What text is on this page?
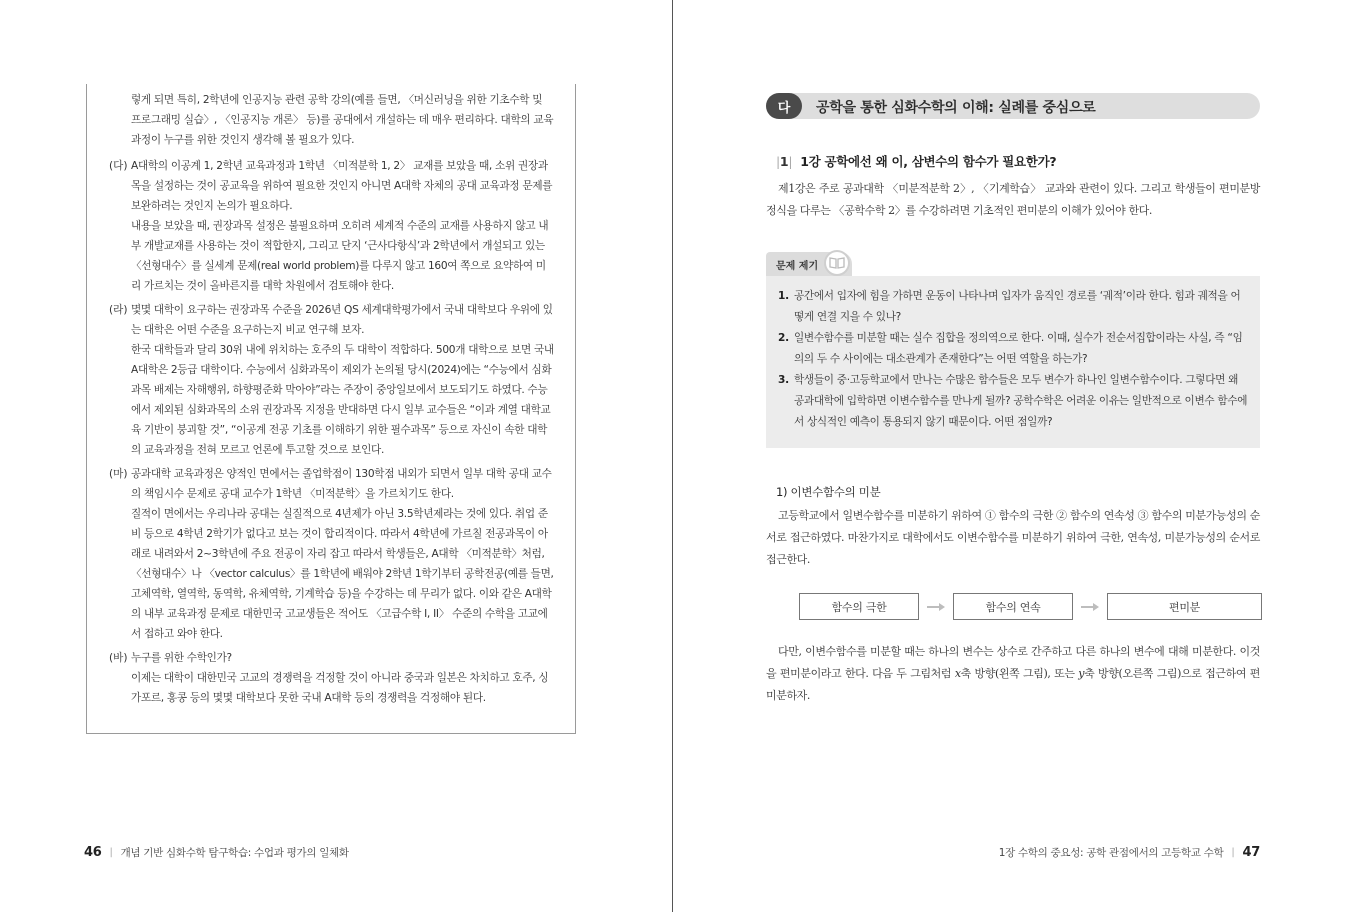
렇게 되면 특히, 2학년에 인공지능 관련 공학 강의(예를 들면, 〈머신러닝을 위한 기초수학 및 프로그래밍 실습〉, 〈인공지능 개론〉 등)를 공대에서 개설하는 데 매우 편리하다. 대학의 교육과정이 누구를 위한 것인지 생각해 볼 필요가 있다.

(다) A대학의 이공계 1, 2학년 교육과정과 1학년 〈미적분학 1, 2〉 교재를 보았을 때, 소위 권장과목을 설정하는 것이 공교육을 위하여 필요한 것인지 아니면 A대학 자체의 공대 교육과정 문제를 보완하려는 것인지 논의가 필요하다.

내용을 보았을 때, 권장과목 설정은 불필요하며 오히려 세계적 수준의 교재를 사용하지 않고 내부 개발교재를 사용하는 것이 적합한지, 그리고 단지 ‘근사다항식’과 2학년에서 개설되고 있는 〈선형대수〉를 실세계 문제(real world problem)를 다루지 않고 160여 쪽으로 요약하여 미리 가르치는 것이 올바른지를 대학 차원에서 검토해야 한다.

(라) 몇몇 대학이 요구하는 권장과목 수준을 2026년 QS 세계대학평가에서 국내 대학보다 우위에 있는 대학은 어떤 수준을 요구하는지 비교 연구해 보자.

한국 대학들과 달리 30위 내에 위치하는 호주의 두 대학이 적합하다. 500개 대학으로 보면 국내 A대학은 2등급 대학이다. 수능에서 심화과목이 제외가 논의될 당시(2024)에는 “수능에서 심화과목 배제는 자해행위, 하향평준화 막아야”라는 주장이 중앙일보에서 보도되기도 하였다. 수능에서 제외된 심화과목의 소위 권장과목 지정을 반대하면 다시 일부 교수들은 “이과 계열 대학교육 기반이 붕괴할 것”, “이공계 전공 기초를 이해하기 위한 필수과목” 등으로 자신이 속한 대학의 교육과정을 전혀 모르고 언론에 투고할 것으로 보인다.

(마) 공과대학 교육과정은 양적인 면에서는 졸업학점이 130학점 내외가 되면서 일부 대학 공대 교수의 책임시수 문제로 공대 교수가 1학년 〈미적분학〉을 가르치기도 한다.

질적이 면에서는 우리나라 공대는 실질적으로 4년제가 아닌 3.5학년제라는 것에 있다. 취업 준비 등으로 4학년 2학기가 없다고 보는 것이 합리적이다. 따라서 4학년에 가르칠 전공과목이 아래로 내려와서 2~3학년에 주요 전공이 자리 잡고 따라서 학생들은, A대학 〈미적분학〉처럼, 〈선형대수〉나 〈vector calculus〉를 1학년에 배워야 2학년 1학기부터 공학전공(예를 들면, 고체역학, 열역학, 동역학, 유체역학, 기계학습 등)을 수강하는 데 무리가 없다. 이와 같은 A대학의 내부 교육과정 문제로 대한민국 고교생들은 적어도 〈고급수학 I, II〉 수준의 수학을 고교에서 접하고 와야 한다.

(바) 누구를 위한 수학인가?

이제는 대학이 대한민국 고교의 경쟁력을 걱정할 것이 아니라 중국과 일본은 차치하고 호주, 싱가포르, 홍콩 등의 몇몇 대학보다 못한 국내 A대학 등의 경쟁력을 걱정해야 된다.

46 | 개념 기반 심화수학 탐구학습: 수업과 평가의 일체화
다	공학을 통한 심화수학의 이해: 실례를 중심으로
|1| 1강 공학에선 왜 이, 삼변수의 함수가 필요한가?

제1강은 주로 공과대학 〈미분적분학 2〉, 〈기계학습〉 교과와 관련이 있다. 그리고 학생들이 편미분방정식을 다루는 〈공학수학 2〉를 수강하려면 기초적인 편미분의 이해가 있어야 한다.

문제 제기
1. 공간에서 입자에 힘을 가하면 운동이 나타나며 입자가 움직인 경로를 ‘궤적’이라 한다. 힘과 궤적을 어떻게 연결 지을 수 있나?
2. 일변수함수를 미분할 때는 실수 집합을 정의역으로 한다. 이때, 실수가 전순서집합이라는 사실, 즉 “임의의 두 수 사이에는 대소관계가 존재한다”는 어떤 역할을 하는가?
3. 학생들이 중·고등학교에서 만나는 수많은 함수들은 모두 변수가 하나인 일변수함수이다. 그렇다면 왜 공과대학에 입학하면 이변수함수를 만나게 될까? 공학수학은 어려운 이유는 일반적으로 이변수 함수에서 상식적인 예측이 통용되지 않기 때문이다. 어떤 점일까?
1) 이변수함수의 미분

고등학교에서 일변수함수를 미분하기 위하여 ① 함수의 극한 ② 함수의 연속성 ③ 함수의 미분가능성의 순서로 접근하였다. 마찬가지로 대학에서도 이변수함수를 미분하기 위하여 극한, 연속성, 미분가능성의 순서로 접근한다.

함수의 극한	함수의 연속	편미분

다만, 이변수함수를 미분할 때는 하나의 변수는 상수로 간주하고 다른 하나의 변수에 대해 미분한다. 이것을 편미분이라고 한다. 다음 두 그림처럼 x축 방향(왼쪽 그림), 또는 y축 방향(오른쪽 그림)으로 접근하여 편미분하자.

1장 수학의 중요성: 공학 관점에서의 고등학교 수학 | 47
